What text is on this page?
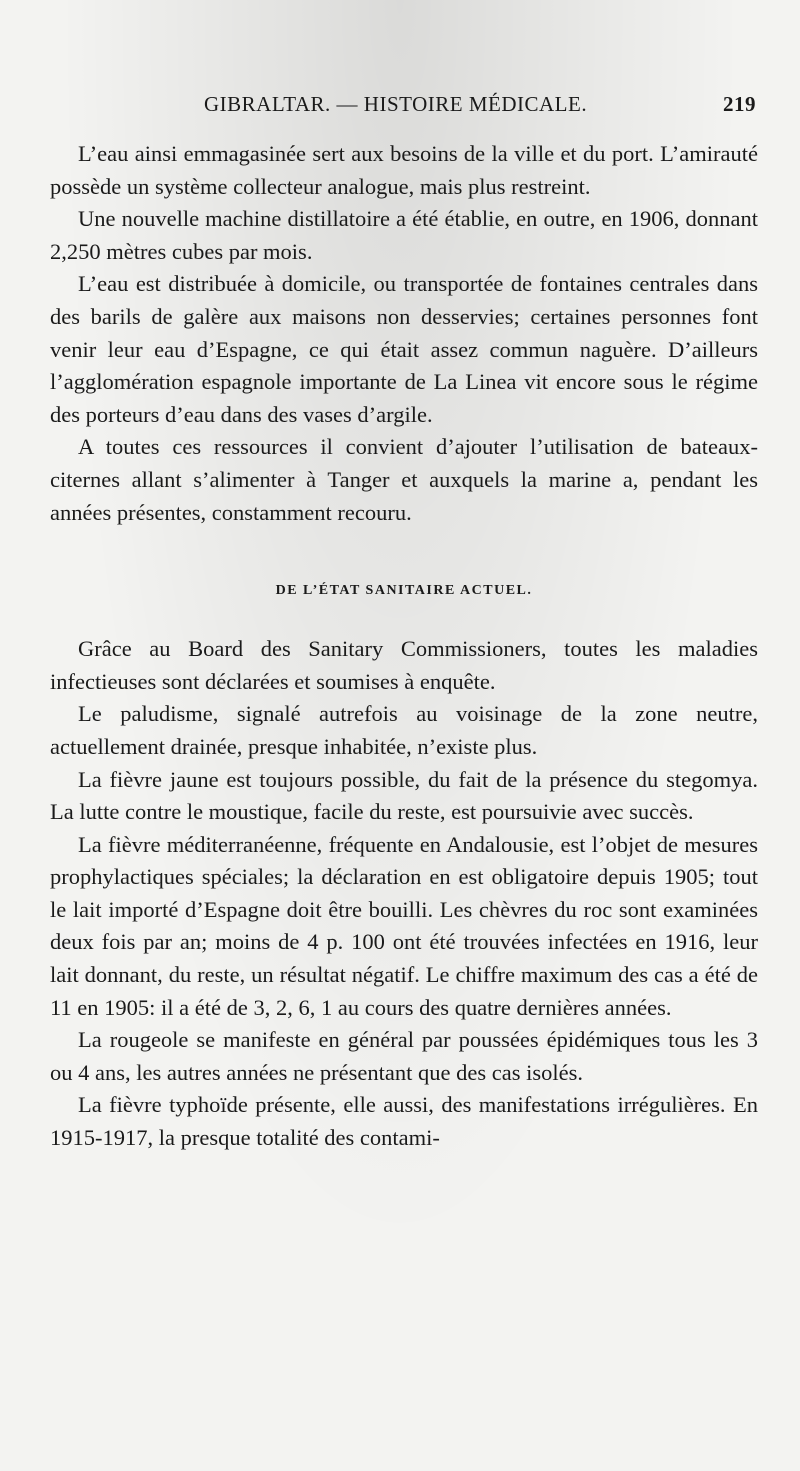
GIBRALTAR. — HISTOIRE MÉDICALE.	219

L’eau ainsi emmagasinée sert aux besoins de la ville et du port. L’amirauté possède un système collecteur analogue, mais plus restreint.

Une nouvelle machine distillatoire a été établie, en outre, en 1906, donnant 2,250 mètres cubes par mois.

L’eau est distribuée à domicile, ou transportée de fontaines centrales dans des barils de galère aux maisons non desservies; certaines personnes font venir leur eau d’Espagne, ce qui était assez commun naguère. D’ailleurs l’agglomération espagnole importante de La Linea vit encore sous le régime des porteurs d’eau dans des vases d’argile.

A toutes ces ressources il convient d’ajouter l’utilisation de bateaux-citernes allant s’alimenter à Tanger et auxquels la marine a, pendant les années présentes, constamment recouru.

DE L’ÉTAT SANITAIRE ACTUEL.

Grâce au Board des Sanitary Commissioners, toutes les maladies infectieuses sont déclarées et soumises à enquête.

Le paludisme, signalé autrefois au voisinage de la zone neutre, actuellement drainée, presque inhabitée, n’existe plus.

La fièvre jaune est toujours possible, du fait de la présence du stegomya. La lutte contre le moustique, facile du reste, est poursuivie avec succès.

La fièvre méditerranéenne, fréquente en Andalousie, est l’objet de mesures prophylactiques spéciales; la déclaration en est obligatoire depuis 1905; tout le lait importé d’Espagne doit être bouilli. Les chèvres du roc sont examinées deux fois par an; moins de 4 p. 100 ont été trouvées infectées en 1916, leur lait donnant, du reste, un résultat négatif. Le chiffre maximum des cas a été de 11 en 1905: il a été de 3, 2, 6, 1 au cours des quatre dernières années.

La rougeole se manifeste en général par poussées épidémiques tous les 3 ou 4 ans, les autres années ne présentant que des cas isolés.

La fièvre typhoïde présente, elle aussi, des manifestations irrégulières. En 1915-1917, la presque totalité des contami-
